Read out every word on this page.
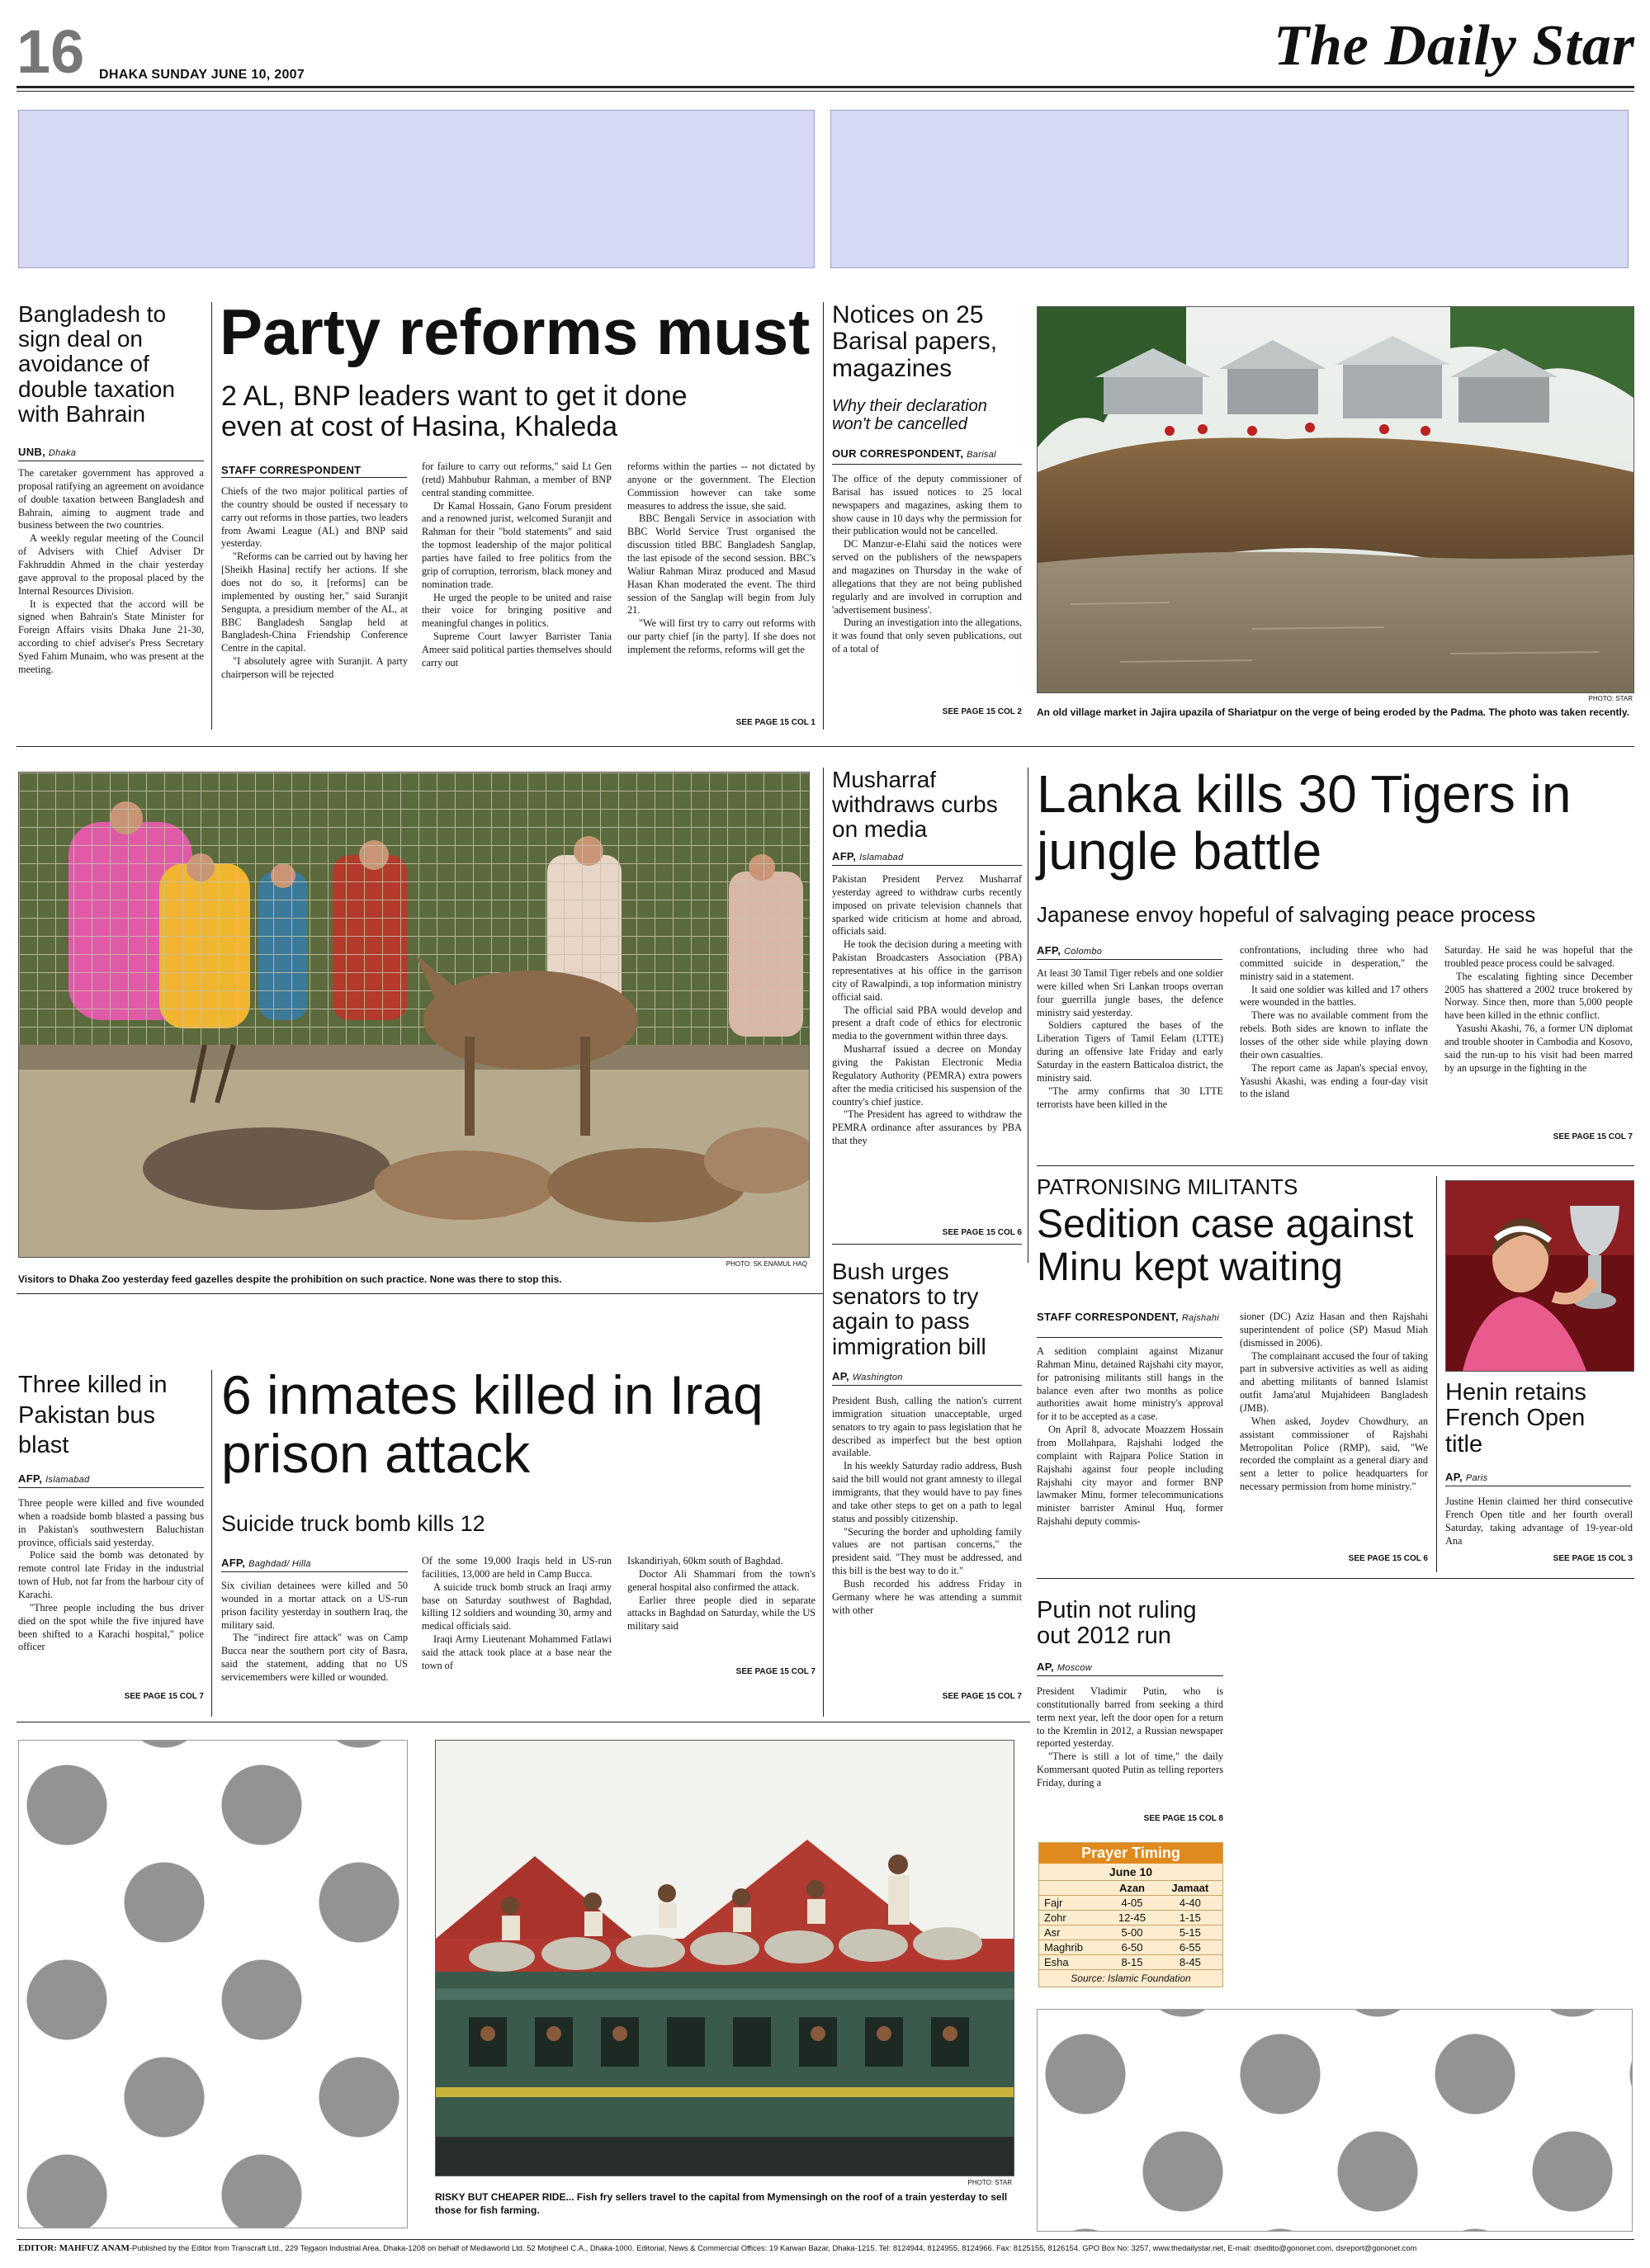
16 DHAKA SUNDAY JUNE 10, 2007	The Daily Star
Bangladesh to sign deal on avoidance of double taxation with Bahrain
UNB, Dhaka

The caretaker government has approved a proposal ratifying an agreement on avoidance of double taxation between Bangladesh and Bahrain, aiming to augment trade and business between the two countries.

A weekly regular meeting of the Council of Advisers with Chief Adviser Dr Fakhruddin Ahmed in the chair yesterday gave approval to the proposal placed by the Internal Resources Division.

It is expected that the accord will be signed when Bahrain's State Minister for Foreign Affairs visits Dhaka June 21-30, according to chief adviser's Press Secretary Syed Fahim Munaim, who was present at the meeting.

Party reforms must
2 AL, BNP leaders want to get it done even at cost of Hasina, Khaleda
STAFF CORRESPONDENT

Chiefs of the two major political parties of the country should be ousted if necessary to carry out reforms in those parties, two leaders from Awami League (AL) and BNP said yesterday.

"Reforms can be carried out by having her [Sheikh Hasina] rectify her actions. If she does not do so, it [reforms] can be implemented by ousting her," said Suranjit Sengupta, a presidium member of the AL, at BBC Bangladesh Sanglap held at Bangladesh-China Friendship Conference Centre in the capital.

"I absolutely agree with Suranjit. A party chairperson will be rejected

for failure to carry out reforms," said Lt Gen (retd) Mahbubur Rahman, a member of BNP central standing committee.

Dr Kamal Hossain, Gano Forum president and a renowned jurist, welcomed Suranjit and Rahman for their "bold statements" and said the topmost leadership of the major political parties have failed to free politics from the grip of corruption, terrorism, black money and nomination trade.

He urged the people to be united and raise their voice for bringing positive and meaningful changes in politics.

Supreme Court lawyer Barrister Tania Ameer said political parties themselves should carry out

reforms within the parties -- not dictated by anyone or the government. The Election Commission however can take some measures to address the issue, she said.

BBC Bengali Service in association with BBC World Service Trust organised the discussion titled BBC Bangladesh Sanglap, the last episode of the second session. BBC's Waliur Rahman Miraz produced and Masud Hasan Khan moderated the event. The third session of the Sanglap will begin from July 21.

"We will first try to carry out reforms with our party chief [in the party]. If she does not implement the reforms, reforms will get the

SEE PAGE 15 COL 1
Notices on 25 Barisal papers, magazines
Why their declaration won't be cancelled
OUR CORRESPONDENT, Barisal

The office of the deputy commissioner of Barisal has issued notices to 25 local newspapers and magazines, asking them to show cause in 10 days why the permission for their publication would not be cancelled.

DC Manzur-e-Elahi said the notices were served on the publishers of the newspapers and magazines on Thursday in the wake of allegations that they are not being published regularly and are involved in corruption and 'advertisement business'.

During an investigation into the allegations, it was found that only seven publications, out of a total of

SEE PAGE 15 COL 2
PHOTO: STAR
An old village market in Jajira upazila of Shariatpur on the verge of being eroded by the Padma. The photo was taken recently.
PHOTO: SK ENAMUL HAQ
Visitors to Dhaka Zoo yesterday feed gazelles despite the prohibition on such practice. None was there to stop this.
Musharraf withdraws curbs on media
AFP, Islamabad

Pakistan President Pervez Musharraf yesterday agreed to withdraw curbs recently imposed on private television channels that sparked wide criticism at home and abroad, officials said.

He took the decision during a meeting with Pakistan Broadcasters Association (PBA) representatives at his office in the garrison city of Rawalpindi, a top information ministry official said.

The official said PBA would develop and present a draft code of ethics for electronic media to the government within three days.

Musharraf issued a decree on Monday giving the Pakistan Electronic Media Regulatory Authority (PEMRA) extra powers after the media criticised his suspension of the country's chief justice.

"The President has agreed to withdraw the PEMRA ordinance after assurances by PBA that they

SEE PAGE 15 COL 6
Bush urges senators to try again to pass immigration bill
AP, Washington

President Bush, calling the nation's current immigration situation unacceptable, urged senators to try again to pass legislation that he described as imperfect but the best option available.

In his weekly Saturday radio address, Bush said the bill would not grant amnesty to illegal immigrants, that they would have to pay fines and take other steps to get on a path to legal status and possibly citizenship.

"Securing the border and upholding family values are not partisan concerns," the president said. "They must be addressed, and this bill is the best way to do it."

Bush recorded his address Friday in Germany where he was attending a summit with other

SEE PAGE 15 COL 7
Lanka kills 30 Tigers in jungle battle
Japanese envoy hopeful of salvaging peace process
AFP, Colombo

At least 30 Tamil Tiger rebels and one soldier were killed when Sri Lankan troops overran four guerrilla jungle bases, the defence ministry said yesterday.

Soldiers captured the bases of the Liberation Tigers of Tamil Eelam (LTTE) during an offensive late Friday and early Saturday in the eastern Batticaloa district, the ministry said.

"The army confirms that 30 LTTE terrorists have been killed in the

confrontations, including three who had committed suicide in desperation," the ministry said in a statement.

It said one soldier was killed and 17 others were wounded in the battles.

There was no available comment from the rebels. Both sides are known to inflate the losses of the other side while playing down their own casualties.

The report came as Japan's special envoy, Yasushi Akashi, was ending a four-day visit to the island

Saturday. He said he was hopeful that the troubled peace process could be salvaged.

The escalating fighting since December 2005 has shattered a 2002 truce brokered by Norway. Since then, more than 5,000 people have been killed in the ethnic conflict.

Yasushi Akashi, 76, a former UN diplomat and trouble shooter in Cambodia and Kosovo, said the run-up to his visit had been marred by an upsurge in the fighting in the

SEE PAGE 15 COL 7
PATRONISING MILITANTS
Sedition case against Minu kept waiting
STAFF CORRESPONDENT, Rajshahi

A sedition complaint against Mizanur Rahman Minu, detained Rajshahi city mayor, for patronising militants still hangs in the balance even after two months as police authorities await home ministry's approval for it to be accepted as a case.

On April 8, advocate Moazzem Hossain from Mollahpara, Rajshahi lodged the complaint with Rajpara Police Station in Rajshahi against four people including Rajshahi city mayor and former BNP lawmaker Minu, former telecommunications minister barrister Aminul Huq, former Rajshahi deputy commis-

sioner (DC) Aziz Hasan and then Rajshahi superintendent of police (SP) Masud Miah (dismissed in 2006).

The complainant accused the four of taking part in subversive activities as well as aiding and abetting militants of banned Islamist outfit Jama'atul Mujahideen Bangladesh (JMB).

When asked, Joydev Chowdhury, an assistant commissioner of Rajshahi Metropolitan Police (RMP), said, "We recorded the complaint as a general diary and sent a letter to police headquarters for necessary permission from home ministry."

SEE PAGE 15 COL 6
Henin retains French Open title
AP, Paris

Justine Henin claimed her third consecutive French Open title and her fourth overall Saturday, taking advantage of 19-year-old Ana

SEE PAGE 15 COL 3
Three killed in Pakistan bus blast
AFP, Islamabad

Three people were killed and five wounded when a roadside bomb blasted a passing bus in Pakistan's southwestern Baluchistan province, officials said yesterday.

Police said the bomb was detonated by remote control late Friday in the industrial town of Hub, not far from the harbour city of Karachi.

"Three people including the bus driver died on the spot while the five injured have been shifted to a Karachi hospital," police officer

SEE PAGE 15 COL 7
6 inmates killed in Iraq prison attack
Suicide truck bomb kills 12
AFP, Baghdad/ Hilla

Six civilian detainees were killed and 50 wounded in a mortar attack on a US-run prison facility yesterday in southern Iraq, the military said.

The "indirect fire attack" was on Camp Bucca near the southern port city of Basra, said the statement, adding that no US servicemembers were killed or wounded.

Of the some 19,000 Iraqis held in US-run facilities, 13,000 are held in Camp Bucca.

A suicide truck bomb struck an Iraqi army base on Saturday southwest of Baghdad, killing 12 soldiers and wounding 30, army and medical officials said.

Iraqi Army Lieutenant Mohammed Fatlawi said the attack took place at a base near the town of

Iskandiriyah, 60km south of Baghdad.

Doctor Ali Shammari from the town's general hospital also confirmed the attack.

Earlier three people died in separate attacks in Baghdad on Saturday, while the US military said

SEE PAGE 15 COL 7
Putin not ruling out 2012 run
AP, Moscow

President Vladimir Putin, who is constitutionally barred from seeking a third term next year, left the door open for a return to the Kremlin in 2012, a Russian newspaper reported yesterday.

"There is still a lot of time," the daily Kommersant quoted Putin as telling reporters Friday, during a

SEE PAGE 15 COL 8
Prayer Timing
June 10
	Azan	Jamaat
Fajr	4-05	4-40
Zohr	12-45	1-15
Asr	5-00	5-15
Maghrib	6-50	6-55
Esha	8-15	8-45
Source: Islamic Foundation
PHOTO: STAR
RISKY BUT CHEAPER RIDE... Fish fry sellers travel to the capital from Mymensingh on the roof of a train yesterday to sell those for fish farming.
EDITOR: MAHFUZ ANAM-Published by the Editor from Transcraft Ltd., 229 Tejgaon Industrial Area, Dhaka-1208 on behalf of Mediaworld Ltd. 52 Motijheel C.A., Dhaka-1000. Editorial, News & Commercial Offices: 19 Karwan Bazar, Dhaka-1215. Tel: 8124944, 8124955, 8124966. Fax: 8125155, 8126154. GPO Box No: 3257, www.thedailystar.net, E-mail: dsedito@gononet.com, dsreport@gononet.com
